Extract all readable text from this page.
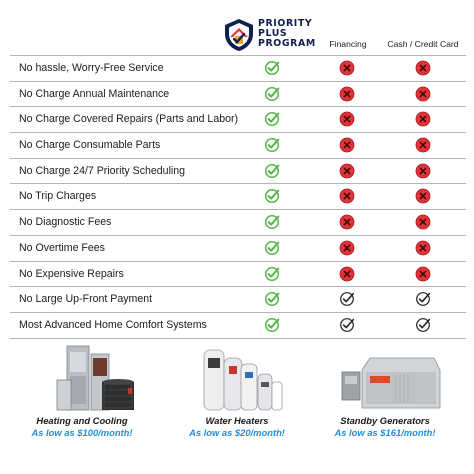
PRIORITY
PLUS
PROGRAM	Financing	Cash / Credit Card
No hassle, Worry-Free Service
No Charge Annual Maintenance
No Charge Covered Repairs (Parts and Labor)
No Charge Consumable Parts
No Charge 24/7 Priority Scheduling
No Trip Charges
No Diagnostic Fees
No Overtime Fees
No Expensive Repairs
No Large Up-Front Payment
Most Advanced Home Comfort Systems
Heating and Cooling
As low as $100/month!
Water Heaters
As low as $20/month!
Standby Generators
As low as $161/month!
